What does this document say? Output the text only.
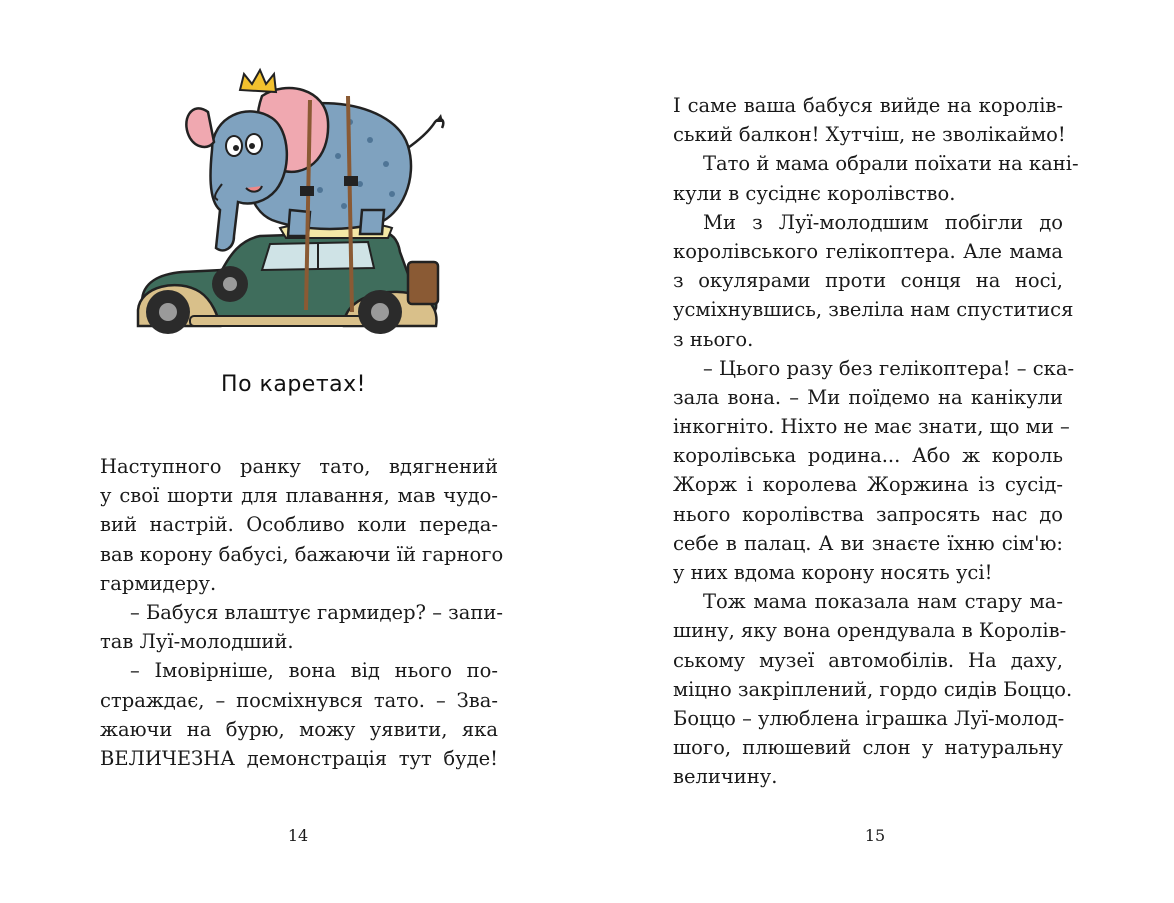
По каретах!
Наступного ранку тато, вдягнений
у свої шорти для плавання, мав чудо-
вий настрій. Особливо коли переда-
вав корону бабусі, бажаючи їй гарного
гармидеру.
– Бабуся влаштує гармидер? – запи-
тав Луї-молодший.
– Імовірніше, вона від нього по-
страждає, – посміхнувся тато. – Зва-
жаючи на бурю, можу уявити, яка
ВЕЛИЧЕЗНА демонстрація тут буде!
14
І саме ваша бабуся вийде на королів-
ський балкон! Хутчіш, не зволікаймо!
Тато й мама обрали поїхати на кані-
кули в сусіднє королівство.
Ми з Луї-молодшим побігли до
королівського гелікоптера. Але мама
з окулярами проти сонця на носі,
усміхнувшись, звеліла нам спуститися
з нього.
– Цього разу без гелікоптера! – ска-
зала вона. – Ми поїдемо на канікули
інкогніто. Ніхто не має знати, що ми –
королівська родина... Або ж король
Жорж і королева Жоржина із сусід-
нього королівства запросять нас до
себе в палац. А ви знаєте їхню сім'ю:
у них вдома корону носять усі!
Тож мама показала нам стару ма-
шину, яку вона орендувала в Королів-
ському музеї автомобілів. На даху,
міцно закріплений, гордо сидів Боццо.
Боццо – улюблена іграшка Луї-молод-
шого, плюшевий слон у натуральну
величину.
15
